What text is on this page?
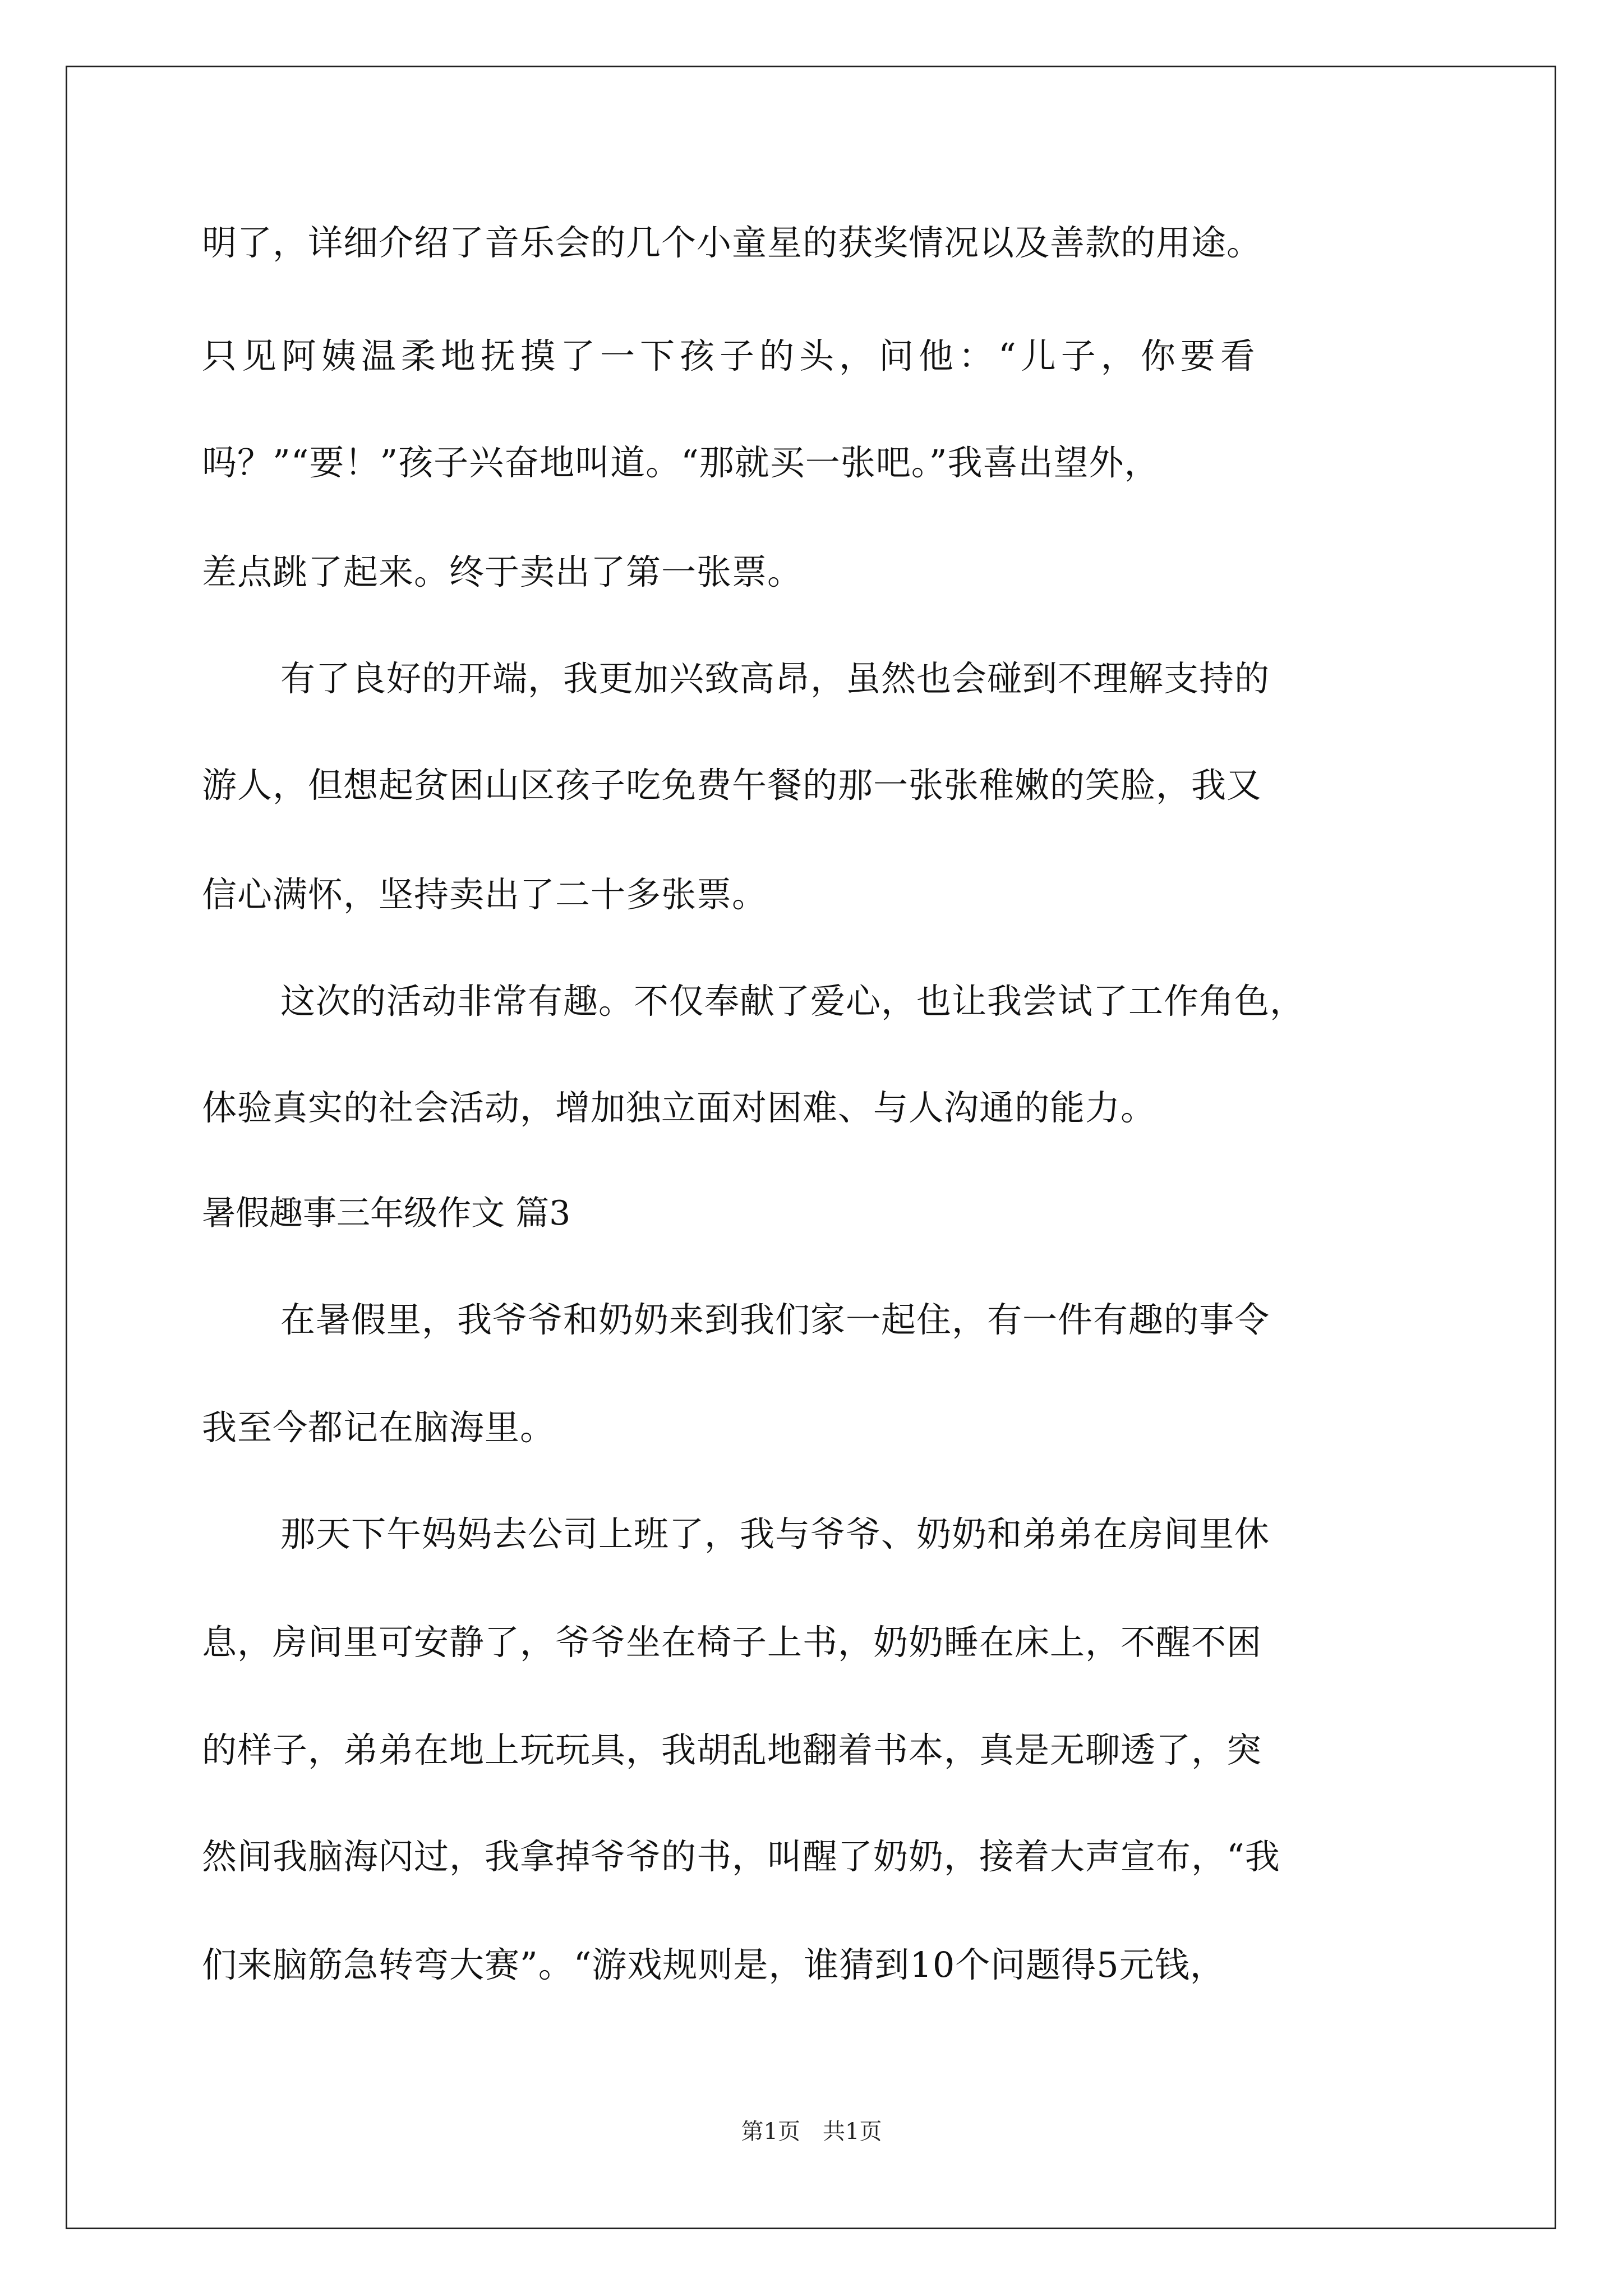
明了，详细介绍了音乐会的几个小童星的获奖情况以及善款的用途。
只见阿姨温柔地抚摸了一下孩子的头，问他：“儿子，你要看
吗？”“要！”孩子兴奋地叫道。“那就买一张吧。”我喜出望外，
差点跳了起来。终于卖出了第一张票。
有了良好的开端，我更加兴致高昂，虽然也会碰到不理解支持的
游人，但想起贫困山区孩子吃免费午餐的那一张张稚嫩的笑脸，我又
信心满怀，坚持卖出了二十多张票。
这次的活动非常有趣。不仅奉献了爱心，也让我尝试了工作角色，
体验真实的社会活动，增加独立面对困难、与人沟通的能力。
暑假趣事三年级作文 篇3
在暑假里，我爷爷和奶奶来到我们家一起住，有一件有趣的事令
我至今都记在脑海里。
那天下午妈妈去公司上班了，我与爷爷、奶奶和弟弟在房间里休
息，房间里可安静了，爷爷坐在椅子上书，奶奶睡在床上，不醒不困
的样子，弟弟在地上玩玩具，我胡乱地翻着书本，真是无聊透了，突
然间我脑海闪过，我拿掉爷爷的书，叫醒了奶奶，接着大声宣布，“我
们来脑筋急转弯大赛”。“游戏规则是，谁猜到10个问题得5元钱，
第1页　共1页
